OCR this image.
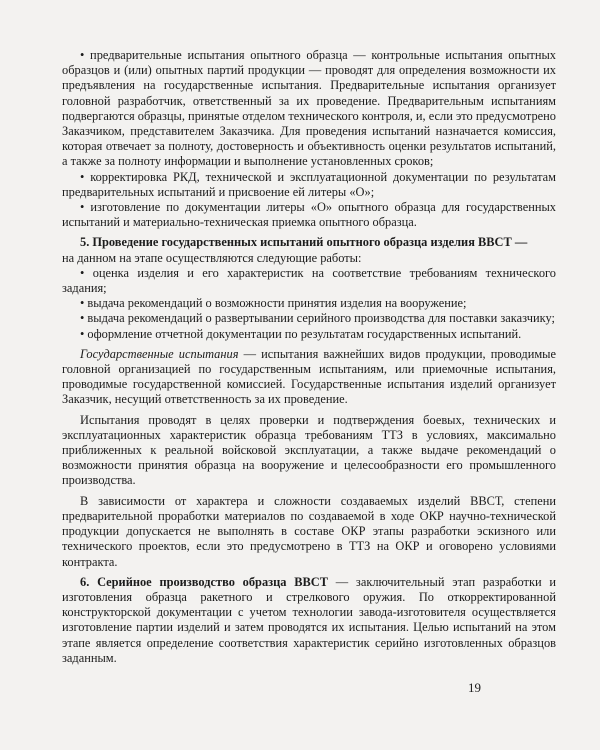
• предварительные испытания опытного образца — контрольные испытания опытных образцов и (или) опытных партий продукции — проводят для определения возможности их предъявления на государственные испытания. Предварительные испытания организует головной разработчик, ответственный за их проведение. Предварительным испытаниям подвергаются образцы, принятые отделом технического контроля, и, если это предусмотрено Заказчиком, представителем Заказчика. Для проведения испытаний назначается комиссия, которая отвечает за полноту, достоверность и объективность оценки результатов испытаний, а также за полноту информации и выполнение установленных сроков;

• корректировка РКД, технической и эксплуатационной документации по результатам предварительных испытаний и присвоение ей литеры «О»;

• изготовление по документации литеры «О» опытного образца для государственных испытаний и материально-техническая приемка опытного образца.

5. Проведение государственных испытаний опытного образца изделия ВВСТ —
на данном на этапе осуществляются следующие работы:

• оценка изделия и его характеристик на соответствие требованиям технического задания;

• выдача рекомендаций о возможности принятия изделия на вооружение;

• выдача рекомендаций о развертывании серийного производства для поставки заказчику;

• оформление отчетной документации по результатам государственных испытаний.

Государственные испытания — испытания важнейших видов продукции, проводимые головной организацией по государственным испытаниям, или приемочные испытания, проводимые государственной комиссией. Государственные испытания изделий организует Заказчик, несущий ответственность за их проведение.

Испытания проводят в целях проверки и подтверждения боевых, технических и эксплуатационных характеристик образца требованиям ТТЗ в условиях, максимально приближенных к реальной войсковой эксплуатации, а также выдаче рекомендаций о возможности принятия образца на вооружение и целесообразности его промышленного производства.

В зависимости от характера и сложности создаваемых изделий ВВСТ, степени предварительной проработки материалов по создаваемой в ходе ОКР научно-технической продукции допускается не выполнять в составе ОКР этапы разработки эскизного или технического проектов, если это предусмотрено в ТТЗ на ОКР и оговорено условиями контракта.

6. Серийное производство образца ВВСТ — заключительный этап разработки и изготовления образца ракетного и стрелкового оружия. По откорректированной конструкторской документации с учетом технологии завода-изготовителя осуществляется изготовление партии изделий и затем проводятся их испытания. Целью испытаний на этом этапе является определение соответствия характеристик серийно изготовленных образцов заданным.

19
